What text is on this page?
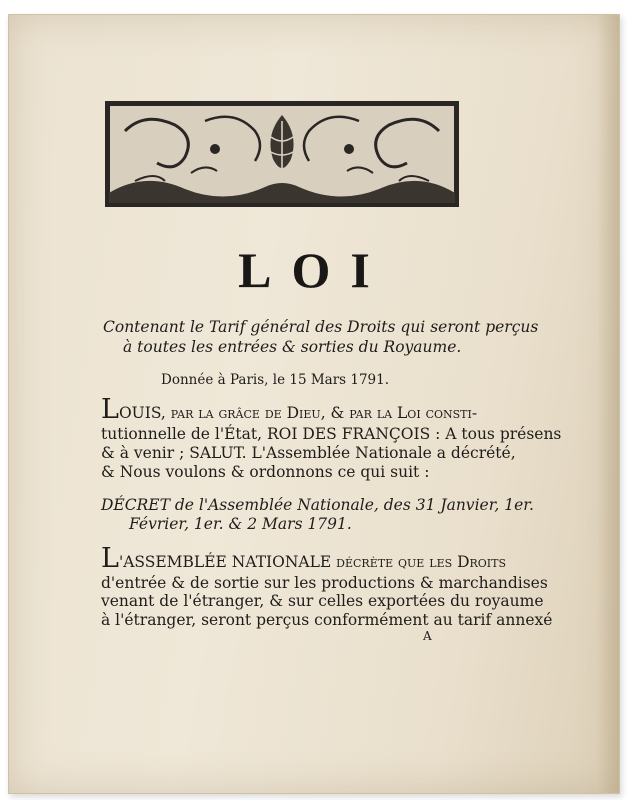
LOI
Contenant le Tarif général des Droits qui seront perçus
à toutes les entrées & sorties du Royaume.
Donnée à Paris, le 15 Mars 1791.
LOUIS, par la grâce de Dieu, & par la Loi consti-
tutionnelle de l'État, ROI DES FRANÇOIS : A tous présens
& à venir ; SALUT. L'Assemblée Nationale a décrété,
& Nous voulons & ordonnons ce qui suit :
DÉCRET de l'Assemblée Nationale, des 31 Janvier, 1er.
Février, 1er. & 2 Mars 1791.
L'ASSEMBLÉE NATIONALE décrète que les Droits
d'entrée & de sortie sur les productions & marchandises
venant de l'étranger, & sur celles exportées du royaume
à l'étranger, seront perçus conformément au tarif annexé
A
